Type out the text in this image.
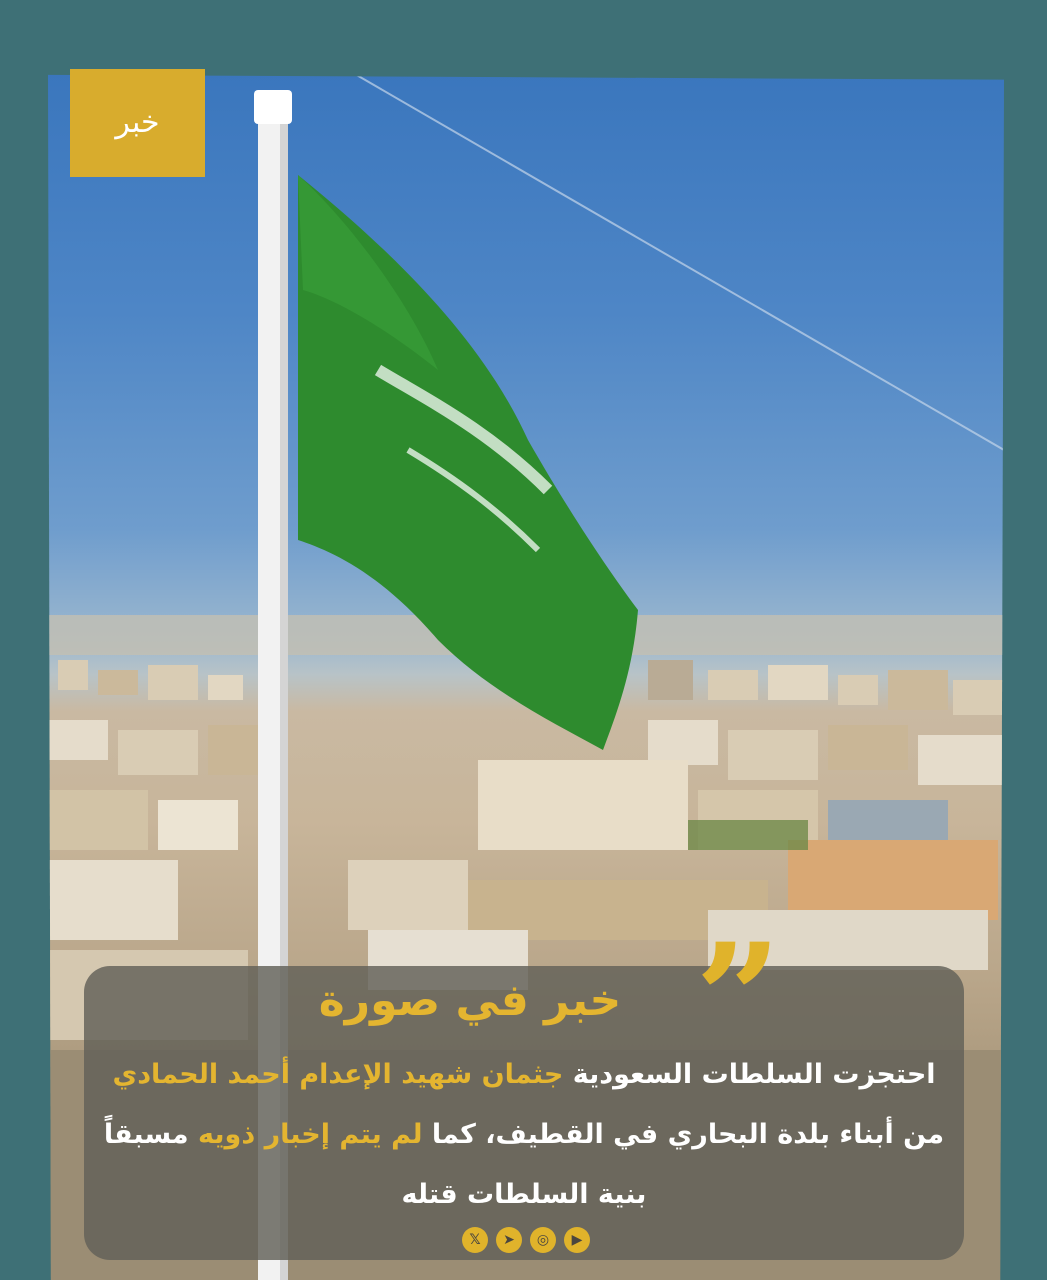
خبر
”
خبر في صورة
احتجزت السلطات السعودية جثمان شهيد الإعدام أحمد الحمادي من أبناء بلدة البحاري في القطيف، كما لم يتم إخبار ذويه مسبقاً بنية السلطات قتله
𝕏	➤	◎	▶
